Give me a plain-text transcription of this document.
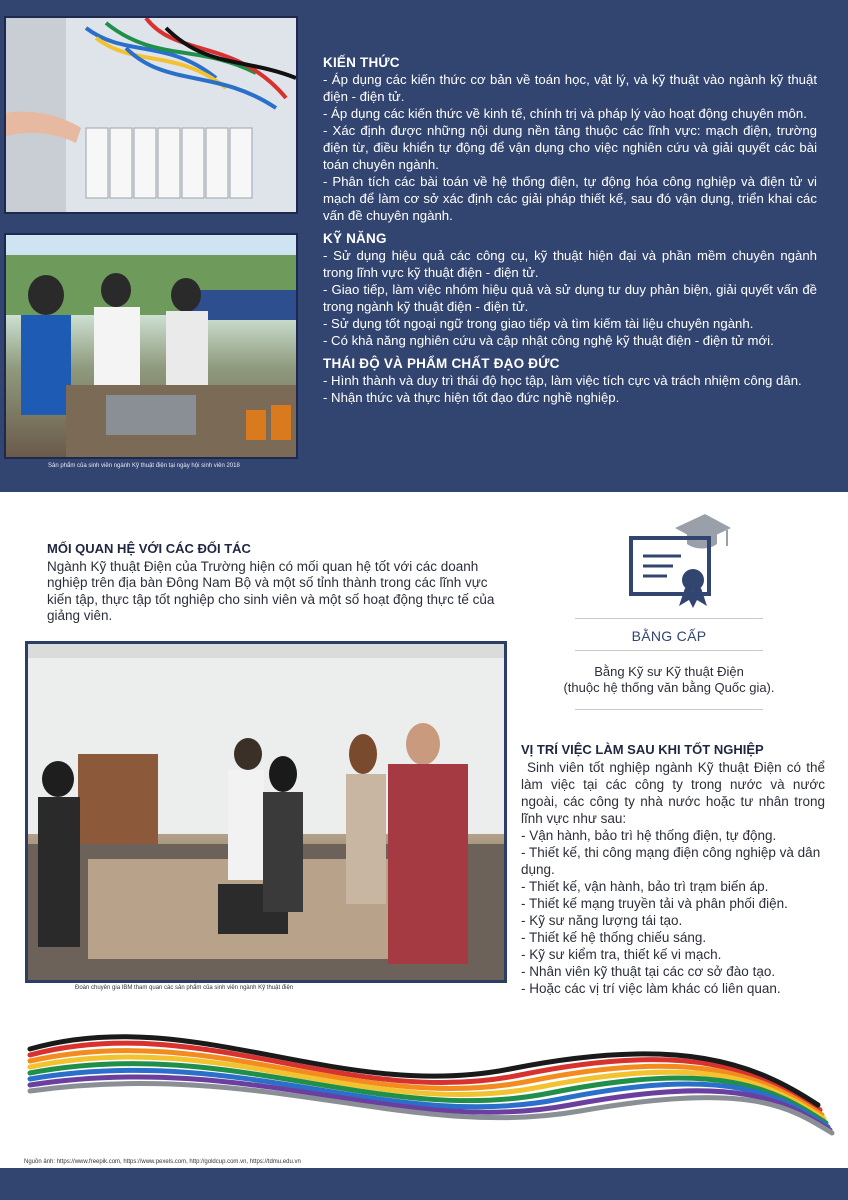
Sản phẩm của sinh viên ngành Kỹ thuật điện tại ngày hội sinh viên 2018
KIẾN THỨC

- Áp dụng các kiến thức cơ bản về toán học, vật lý, và kỹ thuật vào ngành kỹ thuật điện - điện tử.

- Áp dụng các kiến thức về kinh tế, chính trị và pháp lý vào hoạt động chuyên môn.

- Xác định được những nội dung nền tảng thuộc các lĩnh vực: mạch điện, trường điện từ, điều khiển tự động để vận dụng cho việc nghiên cứu và giải quyết các bài toán chuyên ngành.

- Phân tích các bài toán về hệ thống điện, tự động hóa công nghiệp và điện tử vi mạch để làm cơ sở xác định các giải pháp thiết kế, sau đó vận dụng, triển khai các vấn đề chuyên ngành.

KỸ NĂNG

- Sử dụng hiệu quả các công cụ, kỹ thuật hiện đại và phần mềm chuyên ngành trong lĩnh vực kỹ thuật điện - điện tử.

- Giao tiếp, làm việc nhóm hiệu quả và sử dụng tư duy phản biện, giải quyết vấn đề trong ngành kỹ thuật điện - điện tử.

- Sử dụng tốt ngoại ngữ trong giao tiếp và tìm kiếm tài liệu chuyên ngành.

- Có khả năng nghiên cứu và cập nhật công nghệ kỹ thuật điện - điện tử mới.

THÁI ĐỘ VÀ PHẨM CHẤT ĐẠO ĐỨC

- Hình thành và duy trì thái độ học tập, làm việc tích cực và trách nhiệm công dân.

- Nhận thức và thực hiện tốt đạo đức nghề nghiệp.

MỐI QUAN HỆ VỚI CÁC ĐỐI TÁC

Ngành Kỹ thuật Điện của Trường hiện có mối quan hệ tốt với các doanh nghiệp trên địa bàn Đông Nam Bộ và một số tỉnh thành trong các lĩnh vực kiến tập, thực tập tốt nghiệp cho sinh viên và một số hoạt động thực tế của giảng viên.

Đoàn chuyên gia IBM tham quan các sản phẩm của sinh viên ngành Kỹ thuật điện
BẰNG CẤP
Bằng Kỹ sư Kỹ thuật Điện
(thuộc hệ thống văn bằng Quốc gia).
VỊ TRÍ VIỆC LÀM SAU KHI TỐT NGHIỆP

Sinh viên tốt nghiệp ngành Kỹ thuật Điện có thể làm việc tại các công ty trong nước và nước ngoài, các công ty nhà nước hoặc tư nhân trong lĩnh vực như sau:

- Vận hành, bảo trì hệ thống điện, tự động.

- Thiết kế, thi công mạng điện công nghiệp và dân dụng.

- Thiết kế, vận hành, bảo trì trạm biến áp.

- Thiết kế mạng truyền tải và phân phối điện.

- Kỹ sư năng lượng tái tạo.

- Thiết kế hệ thống chiếu sáng.

- Kỹ sư kiểm tra, thiết kế vi mạch.

- Nhân viên kỹ thuật tại các cơ sở đào tạo.

- Hoặc các vị trí việc làm khác có liên quan.

Nguồn ảnh: https://www.freepik.com, https://www.pexels.com, http://goldcup.com.vn, https://tdmu.edu.vn
